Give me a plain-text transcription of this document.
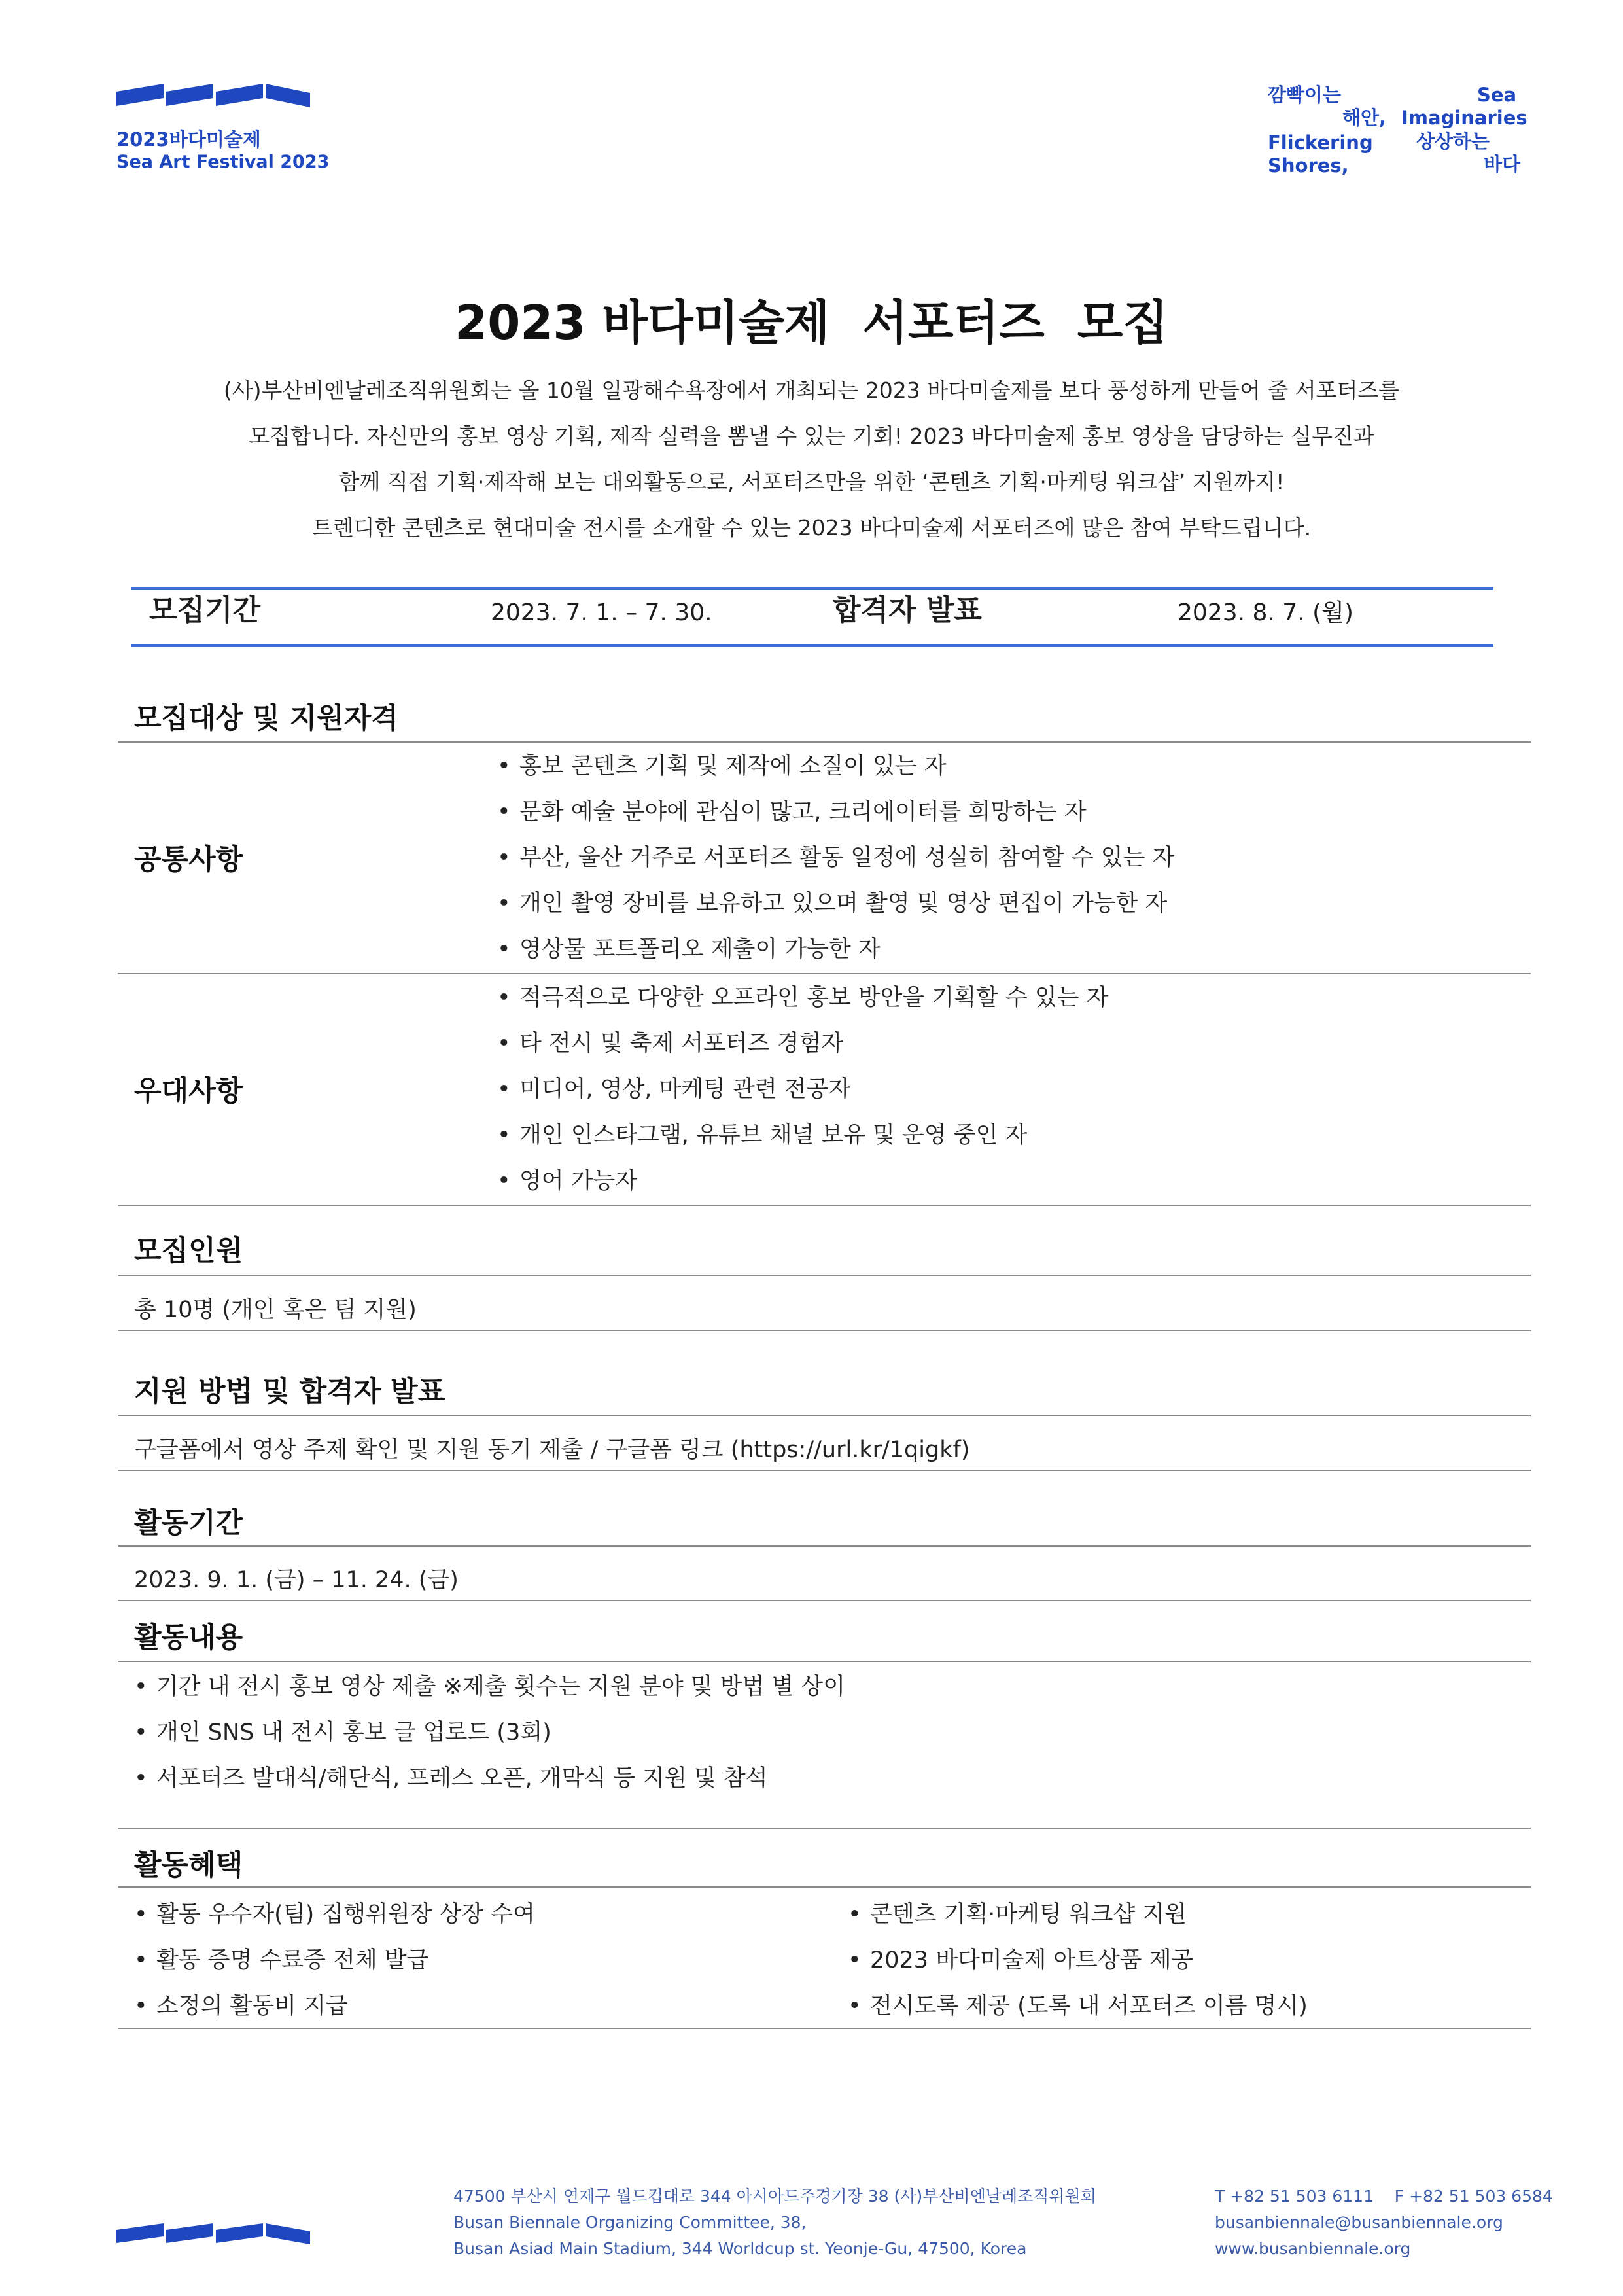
2023바다미술제
Sea Art Festival 2023
깜빡이는
해안,
Flickering
Shores,
Sea
Imaginaries
상상하는
바다
2023 바다미술제  서포터즈  모집
(사)부산비엔날레조직위원회는 올 10월 일광해수욕장에서 개최되는 2023 바다미술제를 보다 풍성하게 만들어 줄 서포터즈를
모집합니다. 자신만의 홍보 영상 기획, 제작 실력을 뽐낼 수 있는 기회! 2023 바다미술제 홍보 영상을 담당하는 실무진과
함께 직접 기획·제작해 보는 대외활동으로, 서포터즈만을 위한 ‘콘텐츠 기획·마케팅 워크샵’ 지원까지!
트렌디한 콘텐츠로 현대미술 전시를 소개할 수 있는 2023 바다미술제 서포터즈에 많은 참여 부탁드립니다.
모집기간	2023. 7. 1. – 7. 30.	합격자 발표	2023. 8. 7. (월)
모집대상 및 지원자격
공통사항
• 홍보 콘텐츠 기획 및 제작에 소질이 있는 자
• 문화 예술 분야에 관심이 많고, 크리에이터를 희망하는 자
• 부산, 울산 거주로 서포터즈 활동 일정에 성실히 참여할 수 있는 자
• 개인 촬영 장비를 보유하고 있으며 촬영 및 영상 편집이 가능한 자
• 영상물 포트폴리오 제출이 가능한 자
우대사항
• 적극적으로 다양한 오프라인 홍보 방안을 기획할 수 있는 자
• 타 전시 및 축제 서포터즈 경험자
• 미디어, 영상, 마케팅 관련 전공자
• 개인 인스타그램, 유튜브 채널 보유 및 운영 중인 자
• 영어 가능자
모집인원
총 10명 (개인 혹은 팀 지원)
지원 방법 및 합격자 발표
구글폼에서 영상 주제 확인 및 지원 동기 제출 / 구글폼 링크 (https://url.kr/1qigkf)
활동기간
2023. 9. 1. (금) – 11. 24. (금)
활동내용
• 기간 내 전시 홍보 영상 제출 ※제출 횟수는 지원 분야 및 방법 별 상이
• 개인 SNS 내 전시 홍보 글 업로드 (3회)
• 서포터즈 발대식/해단식, 프레스 오픈, 개막식 등 지원 및 참석
활동혜택
• 활동 우수자(팀) 집행위원장 상장 수여
• 활동 증명 수료증 전체 발급
• 소정의 활동비 지급
• 콘텐츠 기획·마케팅 워크샵 지원
• 2023 바다미술제 아트상품 제공
• 전시도록 제공 (도록 내 서포터즈 이름 명시)
47500 부산시 연제구 월드컵대로 344 아시아드주경기장 38 (사)부산비엔날레조직위원회
Busan Biennale Organizing Committee, 38,
Busan Asiad Main Stadium, 344 Worldcup st. Yeonje-Gu, 47500, Korea
T +82 51 503 6111    F +82 51 503 6584
busanbiennale@busanbiennale.org
www.busanbiennale.org
